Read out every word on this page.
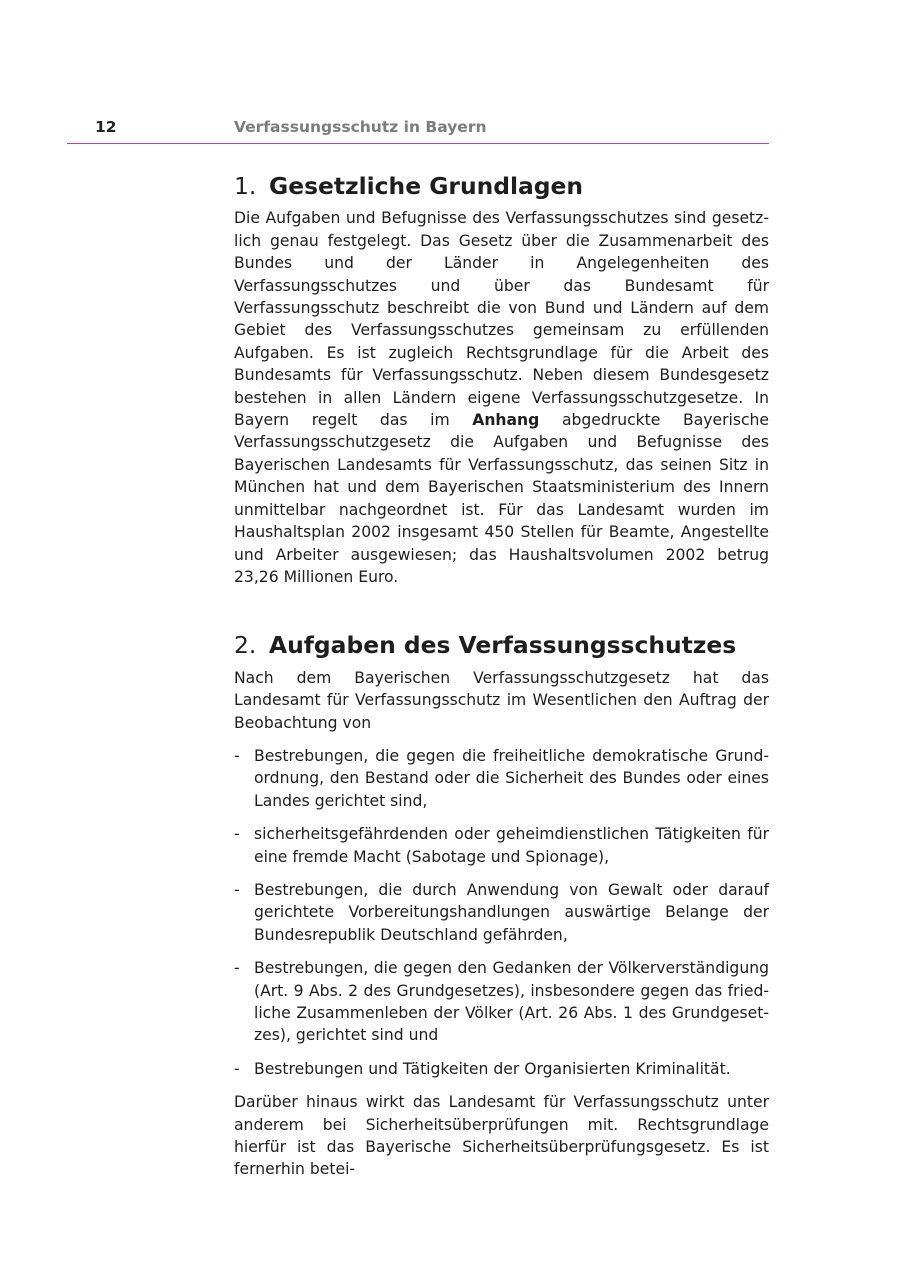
12	Verfassungsschutz in Bayern
1. Gesetzliche Grundlagen

Die Aufgaben und Befugnisse des Verfassungsschutzes sind gesetzlich genau festgelegt. Das Gesetz über die Zusammenarbeit des Bundes und der Länder in Angelegenheiten des Verfassungsschutzes und über das Bundesamt für Verfassungsschutz beschreibt die von Bund und Ländern auf dem Gebiet des Verfassungsschutzes gemeinsam zu erfüllenden Aufgaben. Es ist zugleich Rechtsgrundlage für die Arbeit des Bundesamts für Verfassungsschutz. Neben diesem Bundesgesetz bestehen in allen Ländern eigene Verfassungsschutzgesetze. In Bayern regelt das im Anhang abgedruckte Bayerische Verfassungsschutzgesetz die Aufgaben und Befugnisse des Bayerischen Landesamts für Verfassungsschutz, das seinen Sitz in München hat und dem Bayerischen Staatsministerium des Innern unmittelbar nachgeordnet ist. Für das Landesamt wurden im Haushaltsplan 2002 insgesamt 450 Stellen für Beamte, Angestellte und Arbeiter ausgewiesen; das Haushaltsvolumen 2002 betrug 23,26 Millionen Euro.

2. Aufgaben des Verfassungsschutzes

Nach dem Bayerischen Verfassungsschutzgesetz hat das Landesamt für Verfassungsschutz im Wesentlichen den Auftrag der Beobachtung von

- Bestrebungen, die gegen die freiheitliche demokratische Grundordnung, den Bestand oder die Sicherheit des Bundes oder eines Landes gerichtet sind,
- sicherheitsgefährdenden oder geheimdienstlichen Tätigkeiten für eine fremde Macht (Sabotage und Spionage),
- Bestrebungen, die durch Anwendung von Gewalt oder darauf gerichtete Vorbereitungshandlungen auswärtige Belange der Bundesrepublik Deutschland gefährden,
- Bestrebungen, die gegen den Gedanken der Völkerverständigung (Art. 9 Abs. 2 des Grundgesetzes), insbesondere gegen das friedliche Zusammenleben der Völker (Art. 26 Abs. 1 des Grundgesetzes), gerichtet sind und
- Bestrebungen und Tätigkeiten der Organisierten Kriminalität.

Darüber hinaus wirkt das Landesamt für Verfassungsschutz unter anderem bei Sicherheitsüberprüfungen mit. Rechtsgrundlage hierfür ist das Bayerische Sicherheitsüberprüfungsgesetz. Es ist fernerhin betei-
